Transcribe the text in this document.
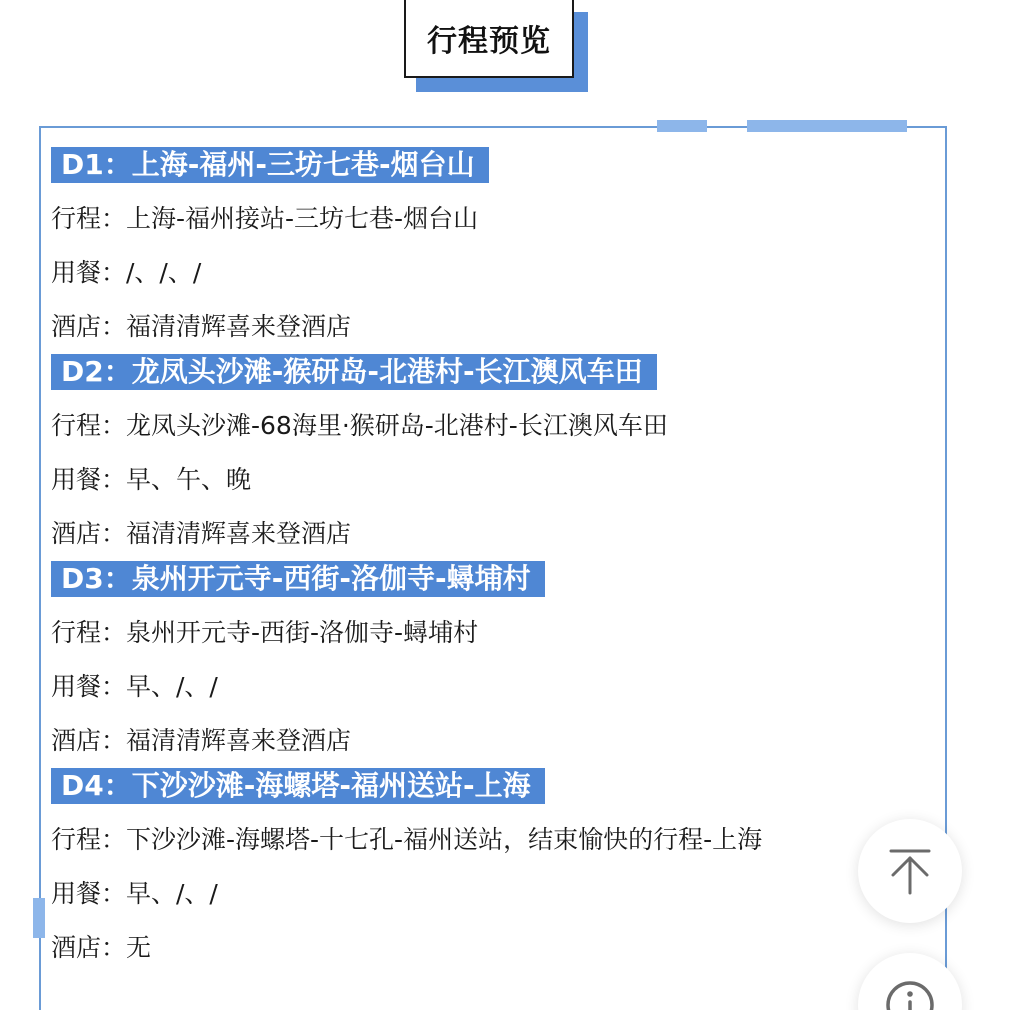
行程预览
D1：上海-福州-三坊七巷-烟台山
行程：上海-福州接站-三坊七巷-烟台山
用餐：/、/、/
酒店：福清清辉喜来登酒店
D2：龙凤头沙滩-猴研岛-北港村-长江澳风车田
行程：龙凤头沙滩-68海里·猴研岛-北港村-长江澳风车田
用餐：早、午、晚
酒店：福清清辉喜来登酒店
D3：泉州开元寺-西街-洛伽寺-蟳埔村
行程：泉州开元寺-西街-洛伽寺-蟳埔村
用餐：早、/、/
酒店：福清清辉喜来登酒店
D4：下沙沙滩-海螺塔-福州送站-上海
行程：下沙沙滩-海螺塔-十七孔-福州送站，结束愉快的行程-上海
用餐：早、/、/
酒店：无
